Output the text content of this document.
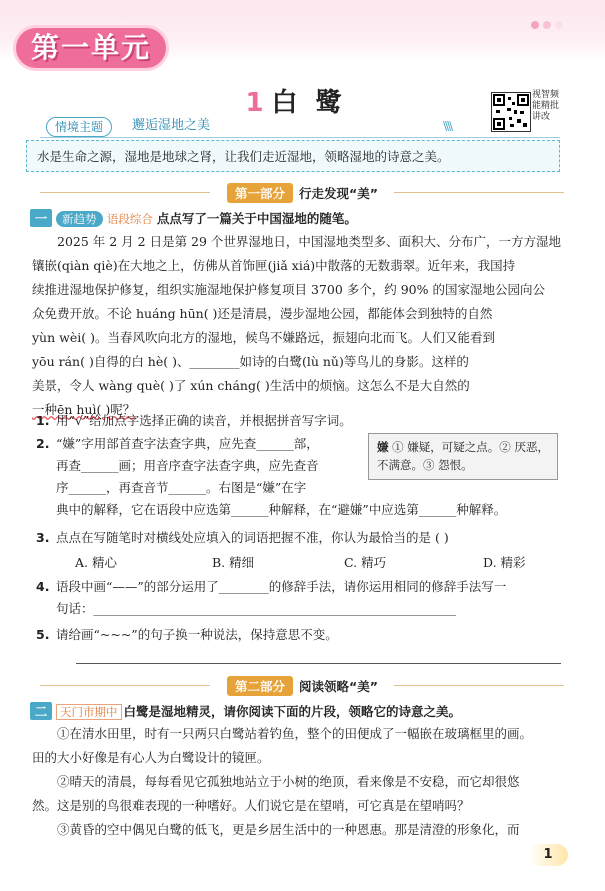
第一单元
1 白鹭	视智频能精批讲改
情境主题	邂逅湿地之美	\\\\
水是生命之源，湿地是地球之肾，让我们走近湿地，领略湿地的诗意之美。
第一部分 行走发现“美”
一 新趋势 语段综合 点点写了一篇关于中国湿地的随笔。
2025 年 2 月 2 日是第 29 个世界湿地日，中国湿地类型多、面积大、分布广，一方方湿地
镶嵌(qiàn qiè)在大地之上，仿佛从首饰匣(jiǎ xiá)中散落的无数翡翠。近年来，我国持
续推进湿地保护修复，组织实施湿地保护修复项目 3700 多个，约 90% 的国家湿地公园向公
众免费开放。不论 huáng hūn( )还是清晨，漫步湿地公园，都能体会到独特的自然
yùn wèi( )。当春风吹向北方的湿地，候鸟不嫌路远，振翅向北而飞。人们又能看到
yōu rán( )自得的白 hè( )、________如诗的白鹭(lù nǔ)等鸟儿的身影。这样的
美景，令人 wàng què( )了 xún cháng( )生活中的烦恼。这怎么不是大自然的
一种ēn huì( )呢？
1. 用“√”给加点字选择正确的读音，并根据拼音写字词。
2. “嫌”字用部首查字法查字典，应先查______部，
再查______画；用音序查字法查字典，应先查音
序______，再查音节______。右图是“嫌”在字
典中的解释，它在语段中应选第______种解释，在“避嫌”中应选第______种解释。
嫌 ① 嫌疑，可疑之点。② 厌恶，不满意。③ 怨恨。
3. 点点在写随笔时对横线处应填入的词语把握不准，你认为最恰当的是 ( )
A. 精心	B. 精细	C. 精巧	D. 精彩
4. 语段中画“——”的部分运用了________的修辞手法，请你运用相同的修辞手法写一
句话：__________________________________________________________
5. 请给画“~~~”的句子换一种说法，保持意思不变。
第二部分 阅读领略“美”
二 天门市期中 白鹭是湿地精灵，请你阅读下面的片段，领略它的诗意之美。
①在清水田里，时有一只两只白鹭站着钓鱼，整个的田便成了一幅嵌在玻璃框里的画。
田的大小好像是有心人为白鹭设计的镜匣。
②晴天的清晨，每每看见它孤独地站立于小树的绝顶，看来像是不安稳，而它却很悠
然。这是别的鸟很难表现的一种嗜好。人们说它是在望哨，可它真是在望哨吗？
③黄昏的空中偶见白鹭的低飞，更是乡居生活中的一种恩惠。那是清澄的形象化，而
1
